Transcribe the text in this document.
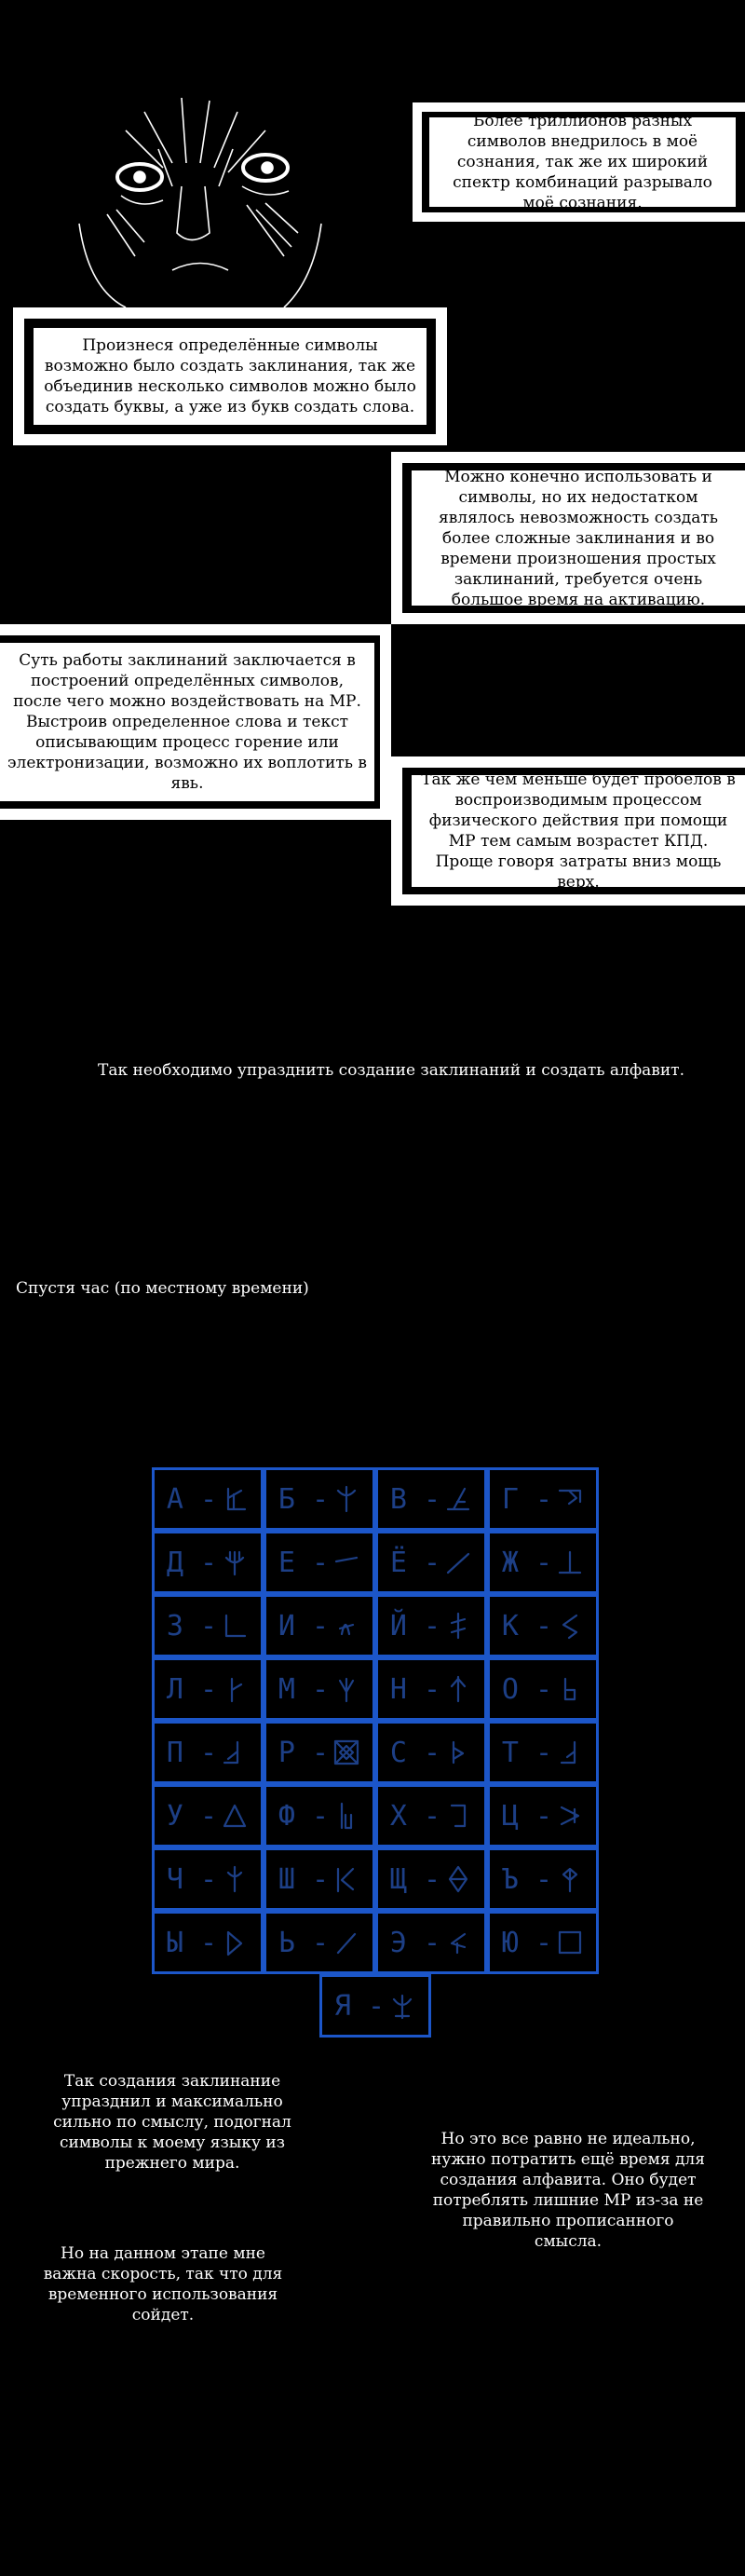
Более триллионов разных символов внедрилось в моё сознания, так же их широкий спектр комбинаций разрывало моё сознания.
Произнеся определённые символы возможно было создать заклинания, так же объединив несколько символов можно было создать буквы, а уже из букв создать слова.
Можно конечно использовать и символы, но их недостатком являлось невозможность создать более сложные заклинания и во времени произношения простых заклинаний, требуется очень большое время на активацию.
Суть работы заклинаний заключается в построений определённых символов, после чего можно воздействовать на МР. Выстроив определенное слова и текст описывающим процесс горение или электронизации, возможно их воплотить в явь.	Так же чем меньше будет пробелов в воспроизводимым процессом физического действия при помощи МР тем самым возрастет КПД. Проще говоря затраты вниз мощь верх.
Так необходимо упразднить создание заклинаний и создать алфавит.
Спустя час (по местному времени)
Так создания заклинание упразднил и максимально сильно по смыслу, подогнал символы к моему языку из прежнего мира.
Но это все равно не идеально, нужно потратить ещё время для создания алфавита. Оно будет потреблять лишние МР из-за не правильно прописанного смысла.
Но на данном этапе мне важна скорость, так что для временного использования сойдет.
А - Б - В - Г -
Д - Е - Ё - Ж -
З - И - Й - К -
Л - М - Н - О -
П - Р - С - Т -
У - Ф - Х - Ц -
Ч - Ш - Щ - Ъ -
Ы - Ь - Э - Ю -
Я -
